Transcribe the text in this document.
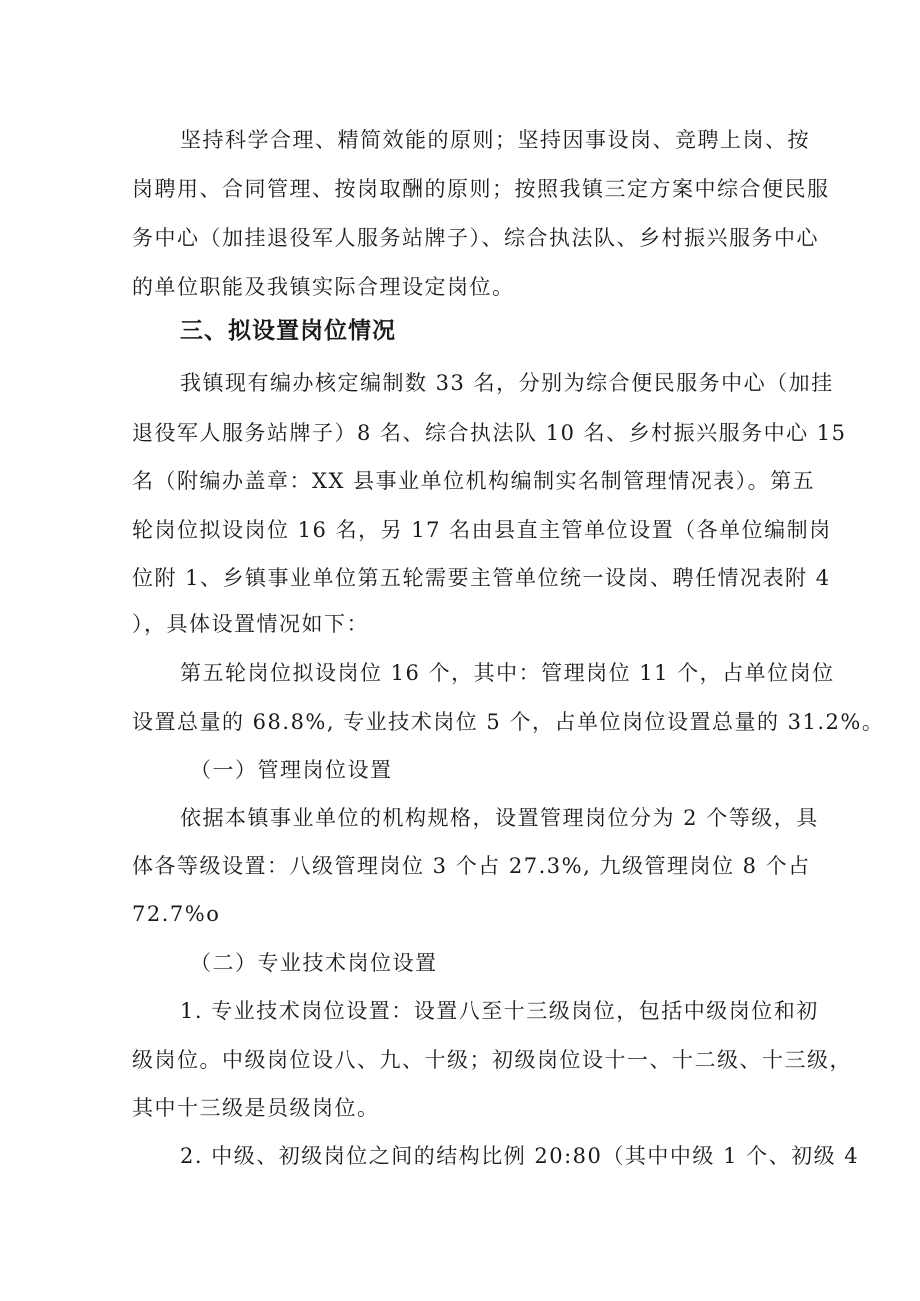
坚持科学合理、精简效能的原则；坚持因事设岗、竞聘上岗、按
岗聘用、合同管理、按岗取酬的原则；按照我镇三定方案中综合便民服
务中心（加挂退役军人服务站牌子）、综合执法队、乡村振兴服务中心
的单位职能及我镇实际合理设定岗位。
三、拟设置岗位情况
我镇现有编办核定编制数 33 名，分别为综合便民服务中心（加挂
退役军人服务站牌子）8 名、综合执法队 10 名、乡村振兴服务中心 15
名（附编办盖章：XX 县事业单位机构编制实名制管理情况表）。第五
轮岗位拟设岗位 16 名，另 17 名由县直主管单位设置（各单位编制岗
位附 1、乡镇事业单位第五轮需要主管单位统一设岗、聘任情况表附 4
），具体设置情况如下：
第五轮岗位拟设岗位 16 个，其中：管理岗位 11 个，占单位岗位
设置总量的 68.8%, 专业技术岗位 5 个，占单位岗位设置总量的 31.2%。
（一）管理岗位设置
依据本镇事业单位的机构规格，设置管理岗位分为 2 个等级，具
体各等级设置：八级管理岗位 3 个占 27.3%, 九级管理岗位 8 个占
72.7%o
（二）专业技术岗位设置
1. 专业技术岗位设置：设置八至十三级岗位，包括中级岗位和初
级岗位。中级岗位设八、九、十级；初级岗位设十一、十二级、十三级，
其中十三级是员级岗位。
2. 中级、初级岗位之间的结构比例 20:80（其中中级 1 个、初级 4
